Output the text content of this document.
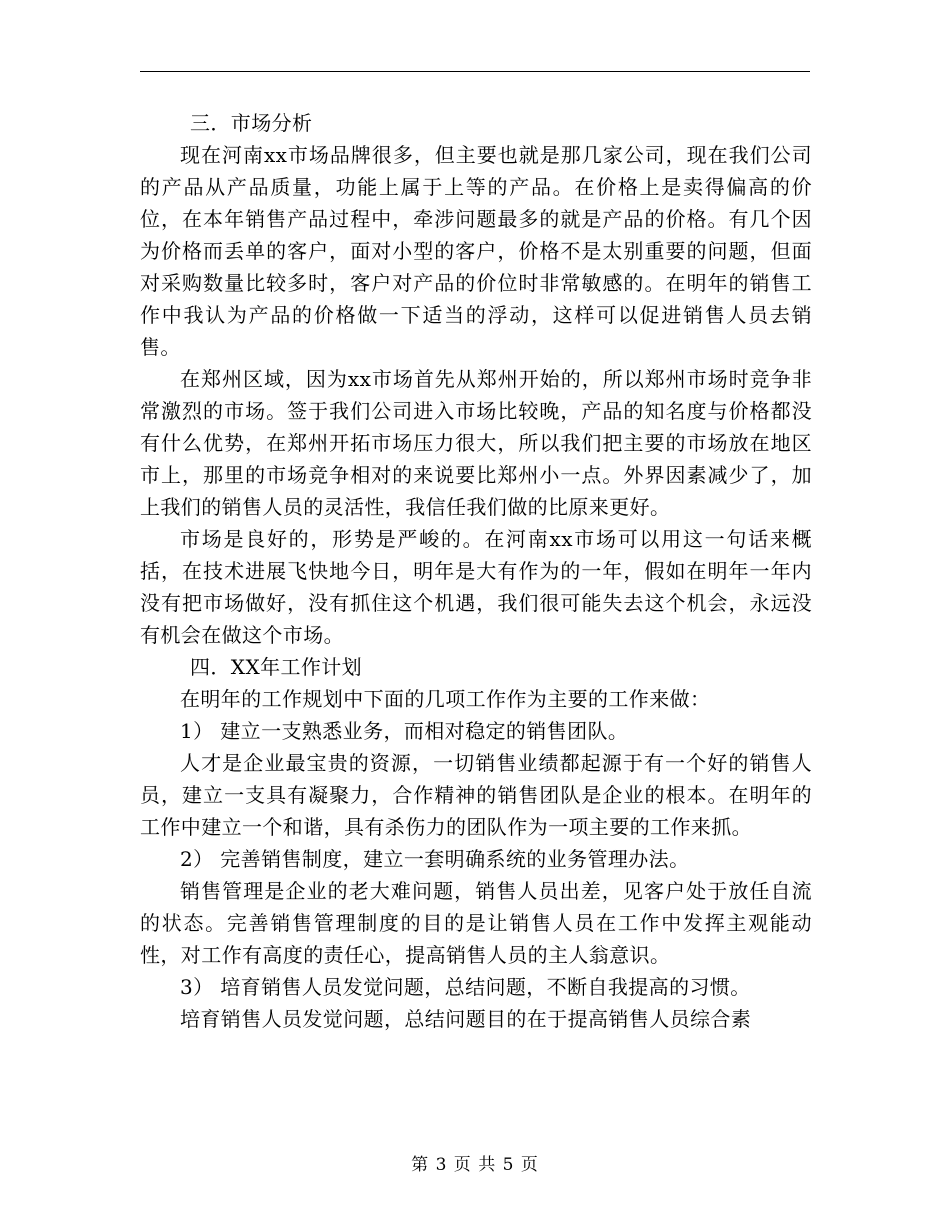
三．市场分析

现在河南xx市场品牌很多，但主要也就是那几家公司，现在我们公司的产品从产品质量，功能上属于上等的产品。在价格上是卖得偏高的价位，在本年销售产品过程中，牵涉问题最多的就是产品的价格。有几个因为价格而丢单的客户，面对小型的客户，价格不是太别重要的问题，但面对采购数量比较多时，客户对产品的价位时非常敏感的。在明年的销售工作中我认为产品的价格做一下适当的浮动，这样可以促进销售人员去销售。

在郑州区域，因为xx市场首先从郑州开始的，所以郑州市场时竞争非常激烈的市场。签于我们公司进入市场比较晚，产品的知名度与价格都没有什么优势，在郑州开拓市场压力很大，所以我们把主要的市场放在地区市上，那里的市场竞争相对的来说要比郑州小一点。外界因素减少了，加上我们的销售人员的灵活性，我信任我们做的比原来更好。

市场是良好的，形势是严峻的。在河南xx市场可以用这一句话来概括，在技术进展飞快地今日，明年是大有作为的一年，假如在明年一年内没有把市场做好，没有抓住这个机遇，我们很可能失去这个机会，永远没有机会在做这个市场。

四．XX年工作计划

在明年的工作规划中下面的几项工作作为主要的工作来做：

1） 建立一支熟悉业务，而相对稳定的销售团队。

人才是企业最宝贵的资源，一切销售业绩都起源于有一个好的销售人员，建立一支具有凝聚力，合作精神的销售团队是企业的根本。在明年的工作中建立一个和谐，具有杀伤力的团队作为一项主要的工作来抓。

2） 完善销售制度，建立一套明确系统的业务管理办法。

销售管理是企业的老大难问题，销售人员出差，见客户处于放任自流的状态。完善销售管理制度的目的是让销售人员在工作中发挥主观能动性，对工作有高度的责任心，提高销售人员的主人翁意识。

3） 培育销售人员发觉问题，总结问题，不断自我提高的习惯。

培育销售人员发觉问题，总结问题目的在于提高销售人员综合素

第 3 页 共 5 页
